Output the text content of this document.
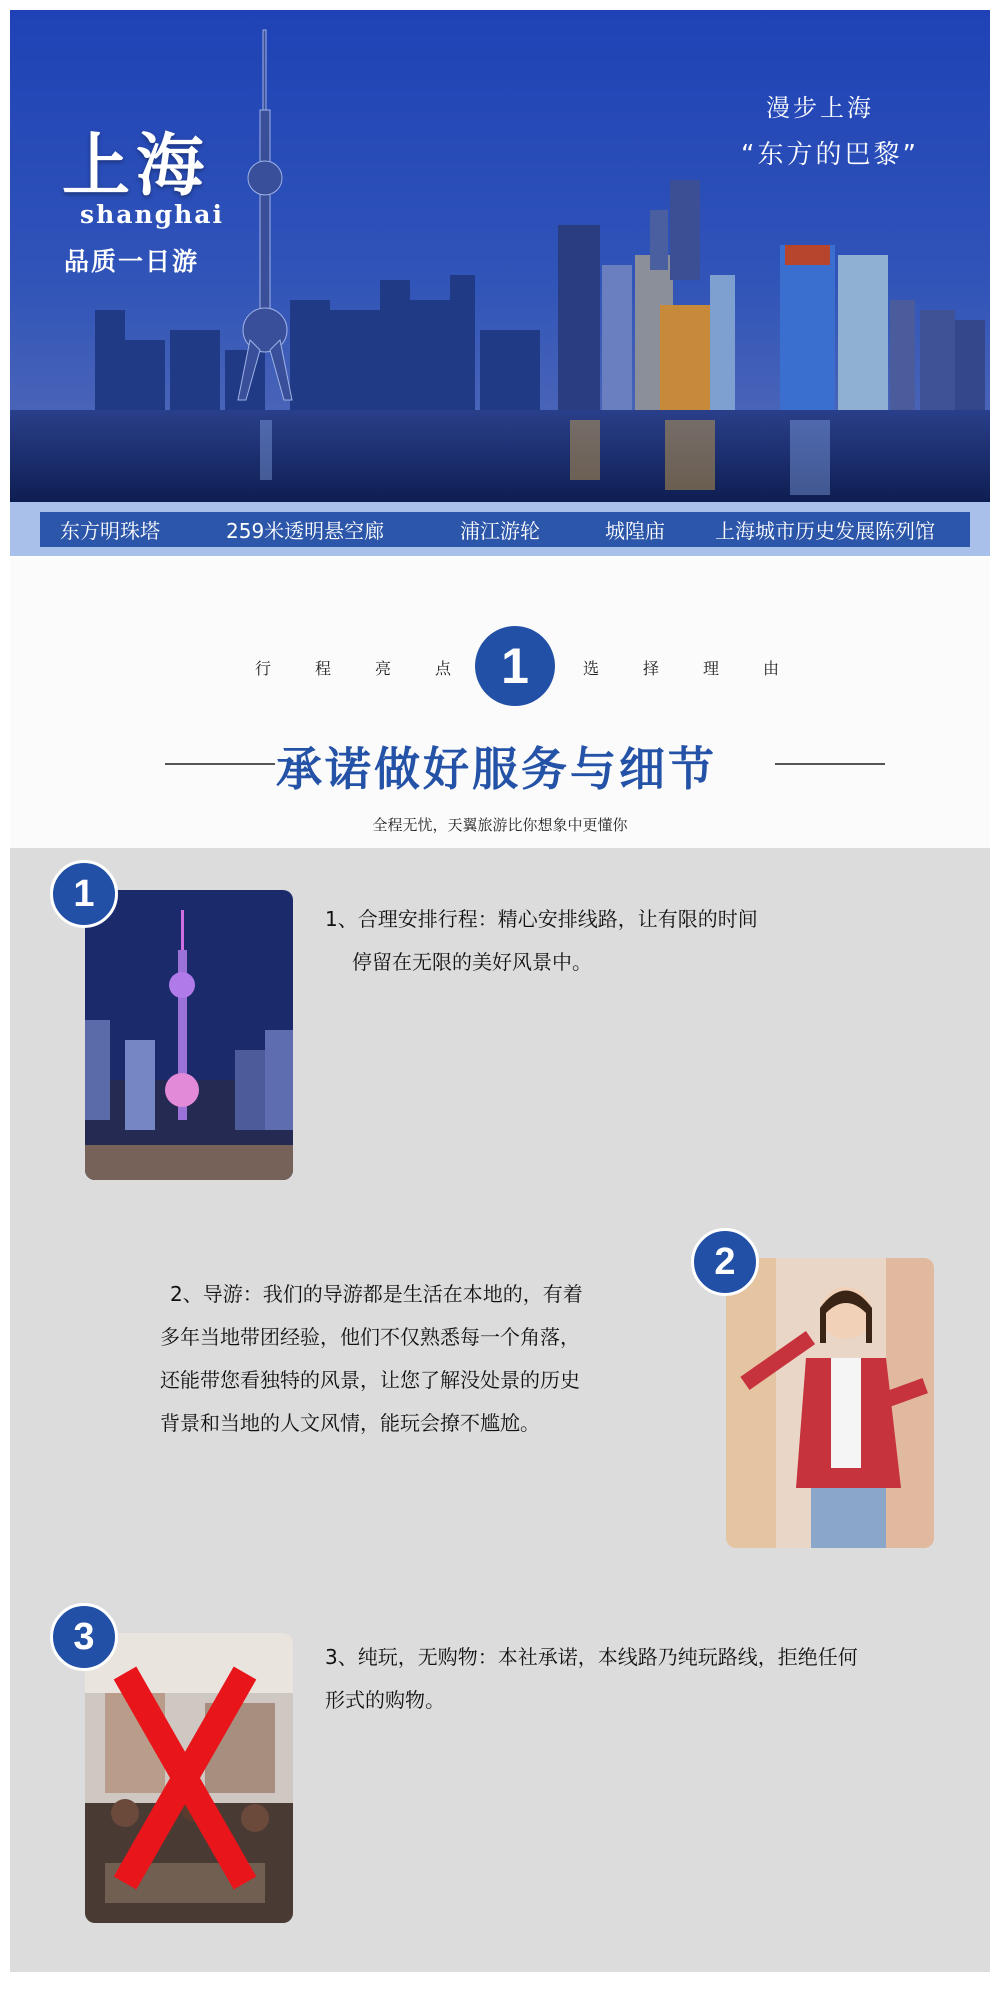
上海
shanghai
品质一日游
漫步上海
“东方的巴黎”
东方明珠塔	259米透明悬空廊	浦江游轮	城隍庙	上海城市历史发展陈列馆
行	程	亮	点 1	选	择	理	由
承诺做好服务与细节
全程无忧，天翼旅游比你想象中更懂你
1
1、合理安排行程：精心安排线路，让有限的时间
停留在无限的美好风景中。
2、导游：我们的导游都是生活在本地的，有着
多年当地带团经验，他们不仅熟悉每一个角落，
还能带您看独特的风景，让您了解没处景的历史
背景和当地的人文风情，能玩会撩不尴尬。
2
3	3、纯玩，无购物：本社承诺，本线路乃纯玩路线，拒绝任何
形式的购物。
